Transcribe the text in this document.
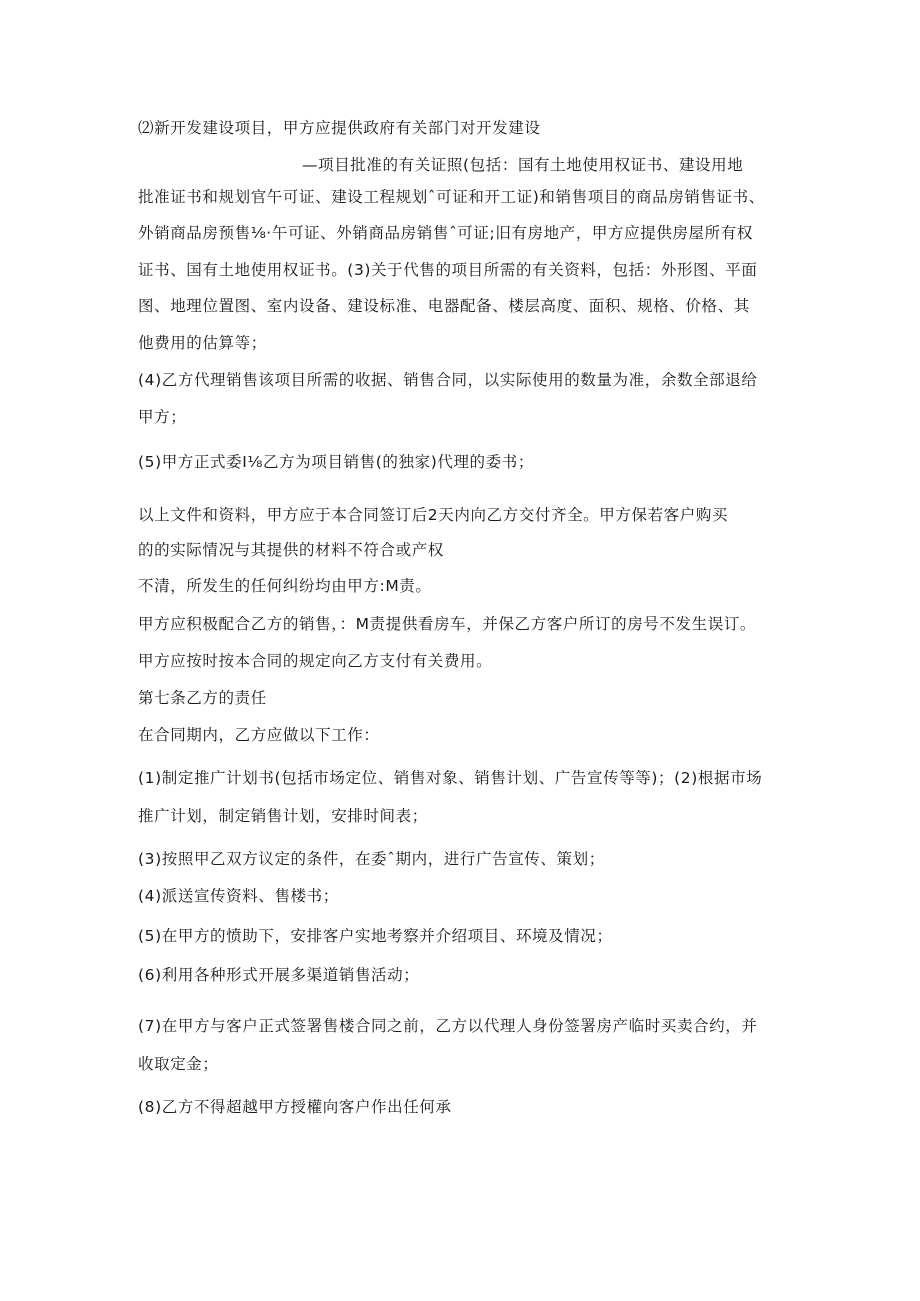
⑵新开发建设项目，甲方应提供政府有关部门对开发建设
—项目批准的有关证照(包括：国有土地使用权证书、建设用地
批准证书和规划官午可证、建设工程规划ˆ可证和开工证)和销售项目的商品房销售证书、
外销商品房预售⅛⋅午可证、外销商品房销售ˆ可证;旧有房地产，甲方应提供房屋所有权
证书、国有土地使用权证书。(3)关于代售的项目所需的有关资料，包括：外形图、平面
图、地理位置图、室内设备、建设标准、电器配备、楼层高度、面积、规格、价格、其
他费用的估算等；
(4)乙方代理销售该项目所需的收据、销售合同，以实际使用的数量为准，余数全部退给
甲方；
(5)甲方正式委I⅛乙方为项目销售(的独家)代理的委书；
以上文件和资料，甲方应于本合同签订后2天内向乙方交付齐全。甲方保若客户购买
的的实际情况与其提供的材料不符合或产权
不清，所发生的任何纠纷均由甲方:M责。
甲方应积极配合乙方的销售，：M责提供看房车，并保乙方客户所订的房号不发生误订。
甲方应按时按本合同的规定向乙方支付有关费用。
第七条乙方的责任
在合同期内，乙方应做以下工作：
(1)制定推广计划书(包括市场定位、销售对象、销售计划、广告宣传等等)；(2)根据市场
推广计划，制定销售计划，安排时间表；
(3)按照甲乙双方议定的条件，在委ˆ期内，进行广告宣传、策划；
(4)派送宣传资料、售楼书；
(5)在甲方的愤助下，安排客户实地考察并介绍项目、环境及情况；
(6)利用各种形式开展多渠道销售活动；
(7)在甲方与客户正式签署售楼合同之前，乙方以代理人身份签署房产临时买卖合约，并
收取定金；
(8)乙方不得超越甲方授權向客户作出任何承
